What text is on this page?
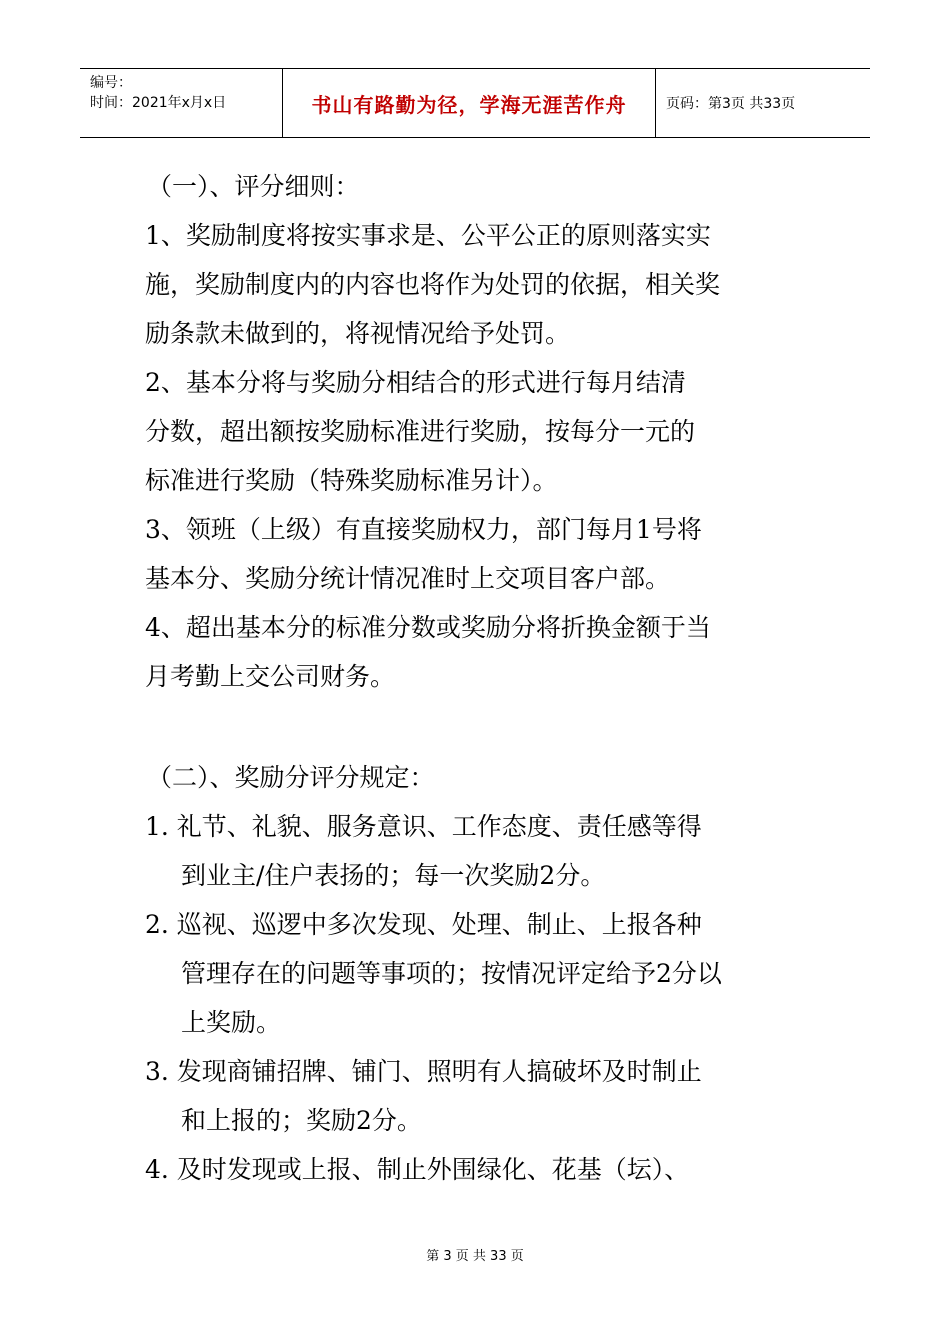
编号：
时间：2021年x月x日	书山有路勤为径，学海无涯苦作舟	页码：第3页 共33页
（一）、评分细则：
1、奖励制度将按实事求是、公平公正的原则落实实
施，奖励制度内的内容也将作为处罚的依据，相关奖
励条款未做到的，将视情况给予处罚。
2、基本分将与奖励分相结合的形式进行每月结清
分数，超出额按奖励标准进行奖励，按每分一元的
标准进行奖励（特殊奖励标准另计）。
3、领班（上级）有直接奖励权力，部门每月1号将
基本分、奖励分统计情况准时上交项目客户部。
4、超出基本分的标准分数或奖励分将折换金额于当
月考勤上交公司财务。
（二）、奖励分评分规定：
1. 礼节、礼貌、服务意识、工作态度、责任感等得
到业主/住户表扬的；每一次奖励2分。
2. 巡视、巡逻中多次发现、处理、制止、上报各种
管理存在的问题等事项的；按情况评定给予2分以
上奖励。
3. 发现商铺招牌、铺门、照明有人搞破坏及时制止
和上报的；奖励2分。
4. 及时发现或上报、制止外围绿化、花基（坛）、
第 3 页 共 33 页
